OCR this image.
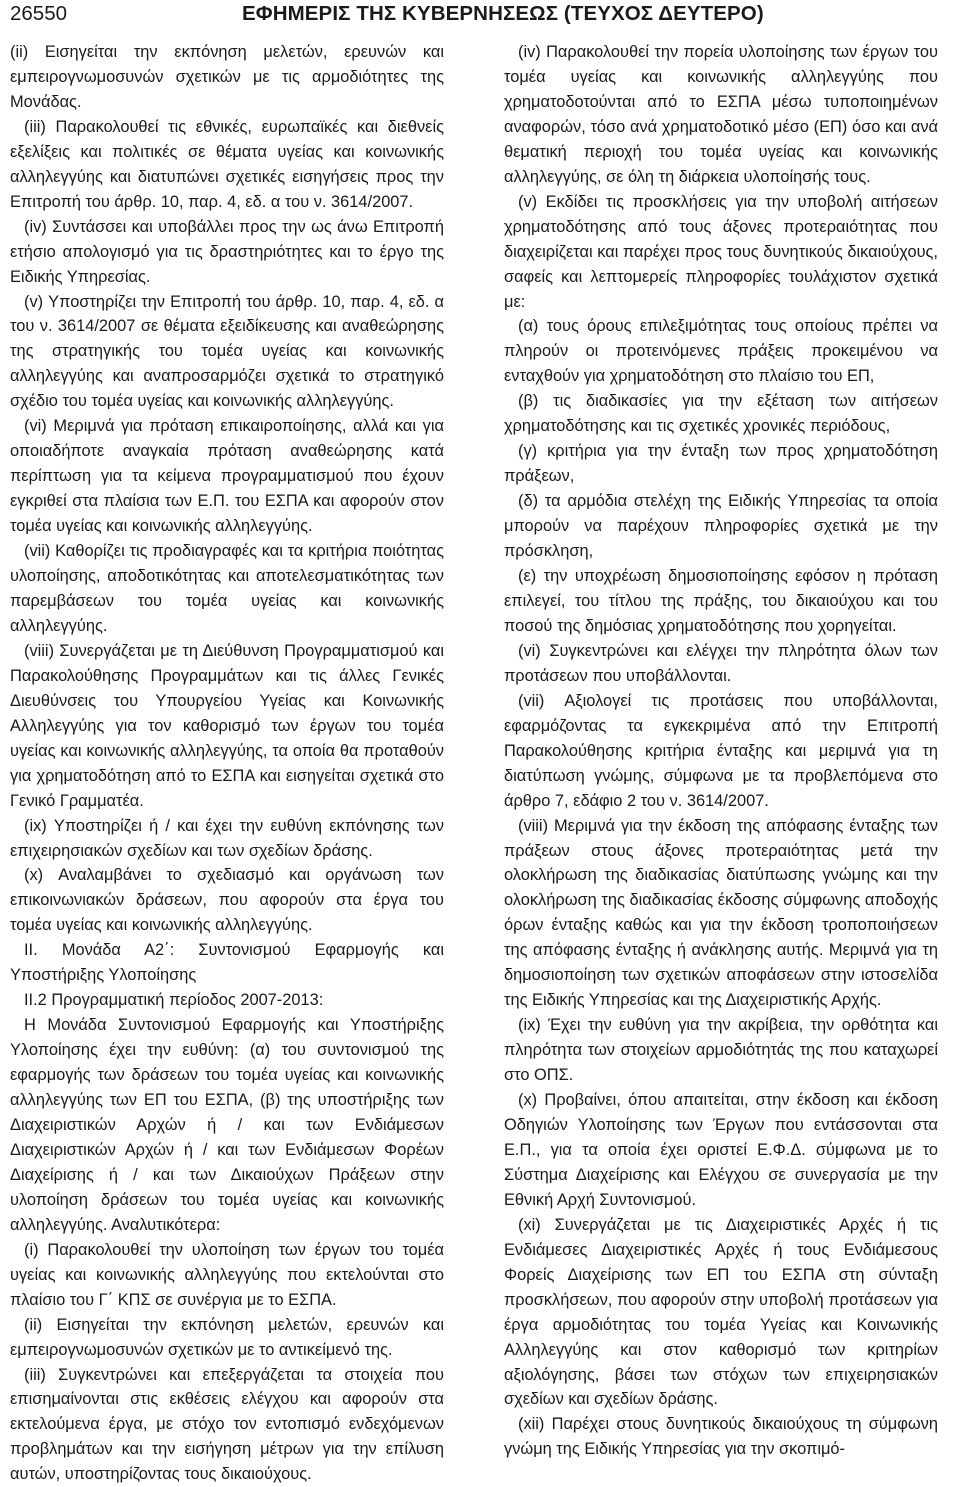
26550	ΕΦΗΜΕΡΙΣ ΤΗΣ ΚΥΒΕΡΝΗΣΕΩΣ (ΤΕΥΧΟΣ ΔΕΥΤΕΡΟ)

(ii) Εισηγείται την εκπόνηση μελετών, ερευνών και εμπειρογνωμοσυνών σχετικών με τις αρμοδιότητες της Μονάδας.

(iii) Παρακολουθεί τις εθνικές, ευρωπαϊκές και διεθνείς εξελίξεις και πολιτικές σε θέματα υγείας και κοινωνικής αλληλεγγύης και διατυπώνει σχετικές εισηγήσεις προς την Επιτροπή του άρθρ. 10, παρ. 4, εδ. α του ν. 3614/2007.

(iv) Συντάσσει και υποβάλλει προς την ως άνω Επιτροπή ετήσιο απολογισμό για τις δραστηριότητες και το έργο της Ειδικής Υπηρεσίας.

(v) Υποστηρίζει την Επιτροπή του άρθρ. 10, παρ. 4, εδ. α του ν. 3614/2007 σε θέματα εξειδίκευσης και αναθεώρησης της στρατηγικής του τομέα υγείας και κοινωνικής αλληλεγγύης και αναπροσαρμόζει σχετικά το στρατηγικό σχέδιο του τομέα υγείας και κοινωνικής αλληλεγγύης.

(vi) Μεριμνά για πρόταση επικαιροποίησης, αλλά και για οποιαδήποτε αναγκαία πρόταση αναθεώρησης κατά περίπτωση για τα κείμενα προγραμματισμού που έχουν εγκριθεί στα πλαίσια των Ε.Π. του ΕΣΠΑ και αφορούν στον τομέα υγείας και κοινωνικής αλληλεγγύης.

(vii) Καθορίζει τις προδιαγραφές και τα κριτήρια ποιότητας υλοποίησης, αποδοτικότητας και αποτελεσματικότητας των παρεμβάσεων του τομέα υγείας και κοινωνικής αλληλεγγύης.

(viii) Συνεργάζεται με τη Διεύθυνση Προγραμματισμού και Παρακολούθησης Προγραμμάτων και τις άλλες Γενικές Διευθύνσεις του Υπουργείου Υγείας και Κοινωνικής Αλληλεγγύης για τον καθορισμό των έργων του τομέα υγείας και κοινωνικής αλληλεγγύης, τα οποία θα προταθούν για χρηματοδότηση από το ΕΣΠΑ και εισηγείται σχετικά στο Γενικό Γραμματέα.

(ix) Υποστηρίζει ή / και έχει την ευθύνη εκπόνησης των επιχειρησιακών σχεδίων και των σχεδίων δράσης.

(x) Αναλαμβάνει το σχεδιασμό και οργάνωση των επικοινωνιακών δράσεων, που αφορούν στα έργα του τομέα υγείας και κοινωνικής αλληλεγγύης.

ΙΙ. Μονάδα Α2΄: Συντονισμού Εφαρμογής και Υποστήριξης Υλοποίησης

ΙΙ.2 Προγραμματική περίοδος 2007-2013:

Η Μονάδα Συντονισμού Εφαρμογής και Υποστήριξης Υλοποίησης έχει την ευθύνη: (α) του συντονισμού της εφαρμογής των δράσεων του τομέα υγείας και κοινωνικής αλληλεγγύης των ΕΠ του ΕΣΠΑ, (β) της υποστήριξης των Διαχειριστικών Αρχών ή / και των Ενδιάμεσων Διαχειριστικών Αρχών ή / και των Ενδιάμεσων Φορέων Διαχείρισης ή / και των Δικαιούχων Πράξεων στην υλοποίηση δράσεων του τομέα υγείας και κοινωνικής αλληλεγγύης. Αναλυτικότερα:

(i) Παρακολουθεί την υλοποίηση των έργων του τομέα υγείας και κοινωνικής αλληλεγγύης που εκτελούνται στο πλαίσιο του Γ΄ ΚΠΣ σε συνέργια με το ΕΣΠΑ.

(ii) Εισηγείται την εκπόνηση μελετών, ερευνών και εμπειρογνωμοσυνών σχετικών με το αντικείμενό της.

(iii) Συγκεντρώνει και επεξεργάζεται τα στοιχεία που επισημαίνονται στις εκθέσεις ελέγχου και αφορούν στα εκτελούμενα έργα, με στόχο τον εντοπισμό ενδεχόμενων προβλημάτων και την εισήγηση μέτρων για την επίλυση αυτών, υποστηρίζοντας τους δικαιούχους.

(iv) Παρακολουθεί την πορεία υλοποίησης των έργων του τομέα υγείας και κοινωνικής αλληλεγγύης που χρηματοδοτούνται από το ΕΣΠΑ μέσω τυποποιημένων αναφορών, τόσο ανά χρηματοδοτικό μέσο (ΕΠ) όσο και ανά θεματική περιοχή του τομέα υγείας και κοινωνικής αλληλεγγύης, σε όλη τη διάρκεια υλοποίησής τους.

(v) Εκδίδει τις προσκλήσεις για την υποβολή αιτήσεων χρηματοδότησης από τους άξονες προτεραιότητας που διαχειρίζεται και παρέχει προς τους δυνητικούς δικαιούχους, σαφείς και λεπτομερείς πληροφορίες τουλάχιστον σχετικά με:

(α) τους όρους επιλεξιμότητας τους οποίους πρέπει να πληρούν οι προτεινόμενες πράξεις προκειμένου να ενταχθούν για χρηματοδότηση στο πλαίσιο του ΕΠ,

(β) τις διαδικασίες για την εξέταση των αιτήσεων χρηματοδότησης και τις σχετικές χρονικές περιόδους,

(γ) κριτήρια για την ένταξη των προς χρηματοδότηση πράξεων,

(δ) τα αρμόδια στελέχη της Ειδικής Υπηρεσίας τα οποία μπορούν να παρέχουν πληροφορίες σχετικά με την πρόσκληση,

(ε) την υποχρέωση δημοσιοποίησης εφόσον η πρόταση επιλεγεί, του τίτλου της πράξης, του δικαιούχου και του ποσού της δημόσιας χρηματοδότησης που χορηγείται.

(vi) Συγκεντρώνει και ελέγχει την πληρότητα όλων των προτάσεων που υποβάλλονται.

(vii) Αξιολογεί τις προτάσεις που υποβάλλονται, εφαρμόζοντας τα εγκεκριμένα από την Επιτροπή Παρακολούθησης κριτήρια ένταξης και μεριμνά για τη διατύπωση γνώμης, σύμφωνα με τα προβλεπόμενα στο άρθρο 7, εδάφιο 2 του ν. 3614/2007.

(viii) Μεριμνά για την έκδοση της απόφασης ένταξης των πράξεων στους άξονες προτεραιότητας μετά την ολοκλήρωση της διαδικασίας διατύπωσης γνώμης και την ολοκλήρωση της διαδικασίας έκδοσης σύμφωνης αποδοχής όρων ένταξης καθώς και για την έκδοση τροποποιήσεων της απόφασης ένταξης ή ανάκλησης αυτής. Μεριμνά για τη δημοσιοποίηση των σχετικών αποφάσεων στην ιστοσελίδα της Ειδικής Υπηρεσίας και της Διαχειριστικής Αρχής.

(ix) Έχει την ευθύνη για την ακρίβεια, την ορθότητα και πληρότητα των στοιχείων αρμοδιότητάς της που καταχωρεί στο ΟΠΣ.

(x) Προβαίνει, όπου απαιτείται, στην έκδοση και έκδοση Οδηγιών Υλοποίησης των Έργων που εντάσσονται στα Ε.Π., για τα οποία έχει οριστεί Ε.Φ.Δ. σύμφωνα με το Σύστημα Διαχείρισης και Ελέγχου σε συνεργασία με την Εθνική Αρχή Συντονισμού.

(xi) Συνεργάζεται με τις Διαχειριστικές Αρχές ή τις Ενδιάμεσες Διαχειριστικές Αρχές ή τους Ενδιάμεσους Φορείς Διαχείρισης των ΕΠ του ΕΣΠΑ στη σύνταξη προσκλήσεων, που αφορούν στην υποβολή προτάσεων για έργα αρμοδιότητας του τομέα Υγείας και Κοινωνικής Αλληλεγγύης και στον καθορισμό των κριτηρίων αξιολόγησης, βάσει των στόχων των επιχειρησιακών σχεδίων και σχεδίων δράσης.

(xii) Παρέχει στους δυνητικούς δικαιούχους τη σύμφωνη γνώμη της Ειδικής Υπηρεσίας για την σκοπιμό-
